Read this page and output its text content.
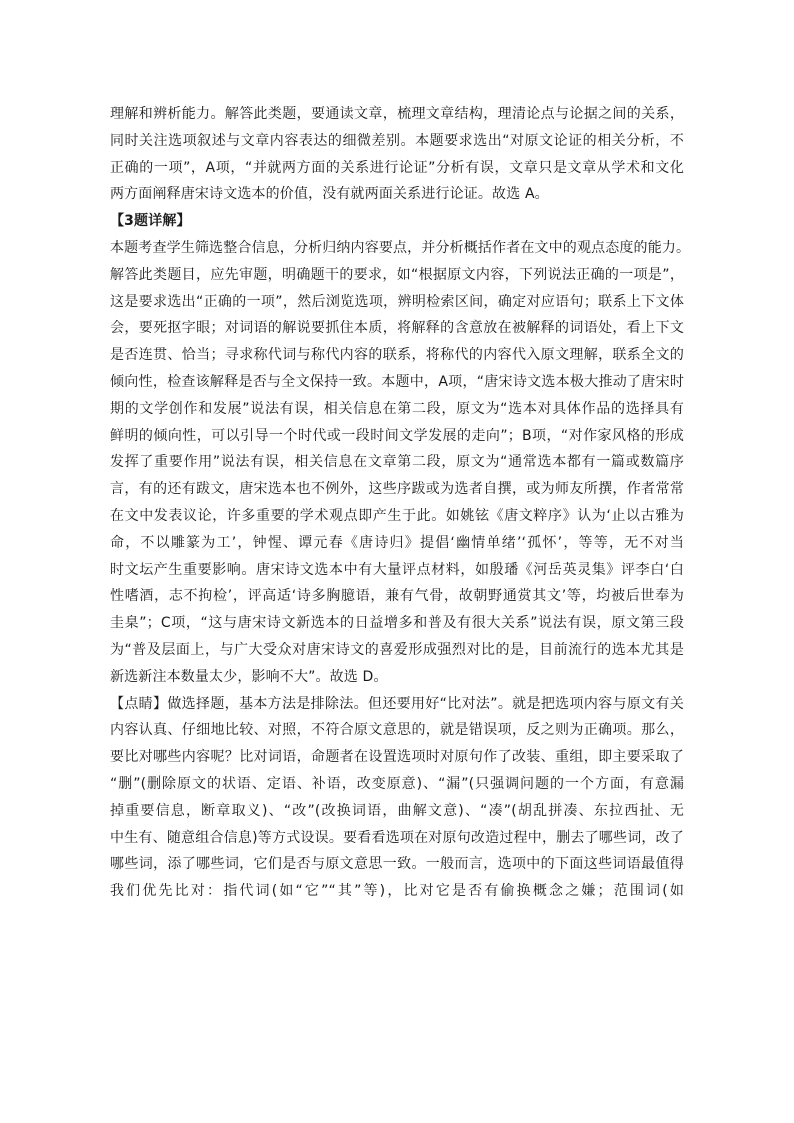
理解和辨析能力。解答此类题，要通读文章，梳理文章结构，理清论点与论据之间的关系，
同时关注选项叙述与文章内容表达的细微差别。本题要求选出“对原文论证的相关分析，不
正确的一项”，A项，“并就两方面的关系进行论证”分析有误，文章只是文章从学术和文化
两方面阐释唐宋诗文选本的价值，没有就两面关系进行论证。故选 A。
【3题详解】
本题考查学生筛选整合信息，分析归纳内容要点，并分析概括作者在文中的观点态度的能力。
解答此类题目，应先审题，明确题干的要求，如“根据原文内容，下列说法正确的一项是”，
这是要求选出“正确的一项”，然后浏览选项，辨明检索区间，确定对应语句；联系上下文体
会，要死抠字眼；对词语的解说要抓住本质，将解释的含意放在被解释的词语处，看上下文
是否连贯、恰当；寻求称代词与称代内容的联系，将称代的内容代入原文理解，联系全文的
倾向性，检查该解释是否与全文保持一致。本题中，A项，“唐宋诗文选本极大推动了唐宋时
期的文学创作和发展”说法有误，相关信息在第二段，原文为“选本对具体作品的选择具有
鲜明的倾向性，可以引导一个时代或一段时间文学发展的走向”；B项，“对作家风格的形成
发挥了重要作用”说法有误，相关信息在文章第二段，原文为“通常选本都有一篇或数篇序
言，有的还有跋文，唐宋选本也不例外，这些序跋或为选者自撰，或为师友所撰，作者常常
在文中发表议论，许多重要的学术观点即产生于此。如姚铉《唐文粹序》认为‘止以古雅为
命，不以雕篆为工’，钟惺、谭元春《唐诗归》提倡‘幽情单绪’‘孤怀’，等等，无不对当
时文坛产生重要影响。唐宋诗文选本中有大量评点材料，如殷璠《河岳英灵集》评李白‘白
性嗜酒，志不拘检’，评高适‘诗多胸臆语，兼有气骨，故朝野通赏其文’等，均被后世奉为
圭臬”；C项，“这与唐宋诗文新选本的日益增多和普及有很大关系”说法有误，原文第三段
为“普及层面上，与广大受众对唐宋诗文的喜爱形成强烈对比的是，目前流行的选本尤其是
新选新注本数量太少，影响不大”。故选 D。
【点睛】做选择题，基本方法是排除法。但还要用好“比对法”。就是把选项内容与原文有关
内容认真、仔细地比较、对照，不符合原文意思的，就是错误项，反之则为正确项。那么，
要比对哪些内容呢？比对词语，命题者在设置选项时对原句作了改装、重组，即主要采取了
“删”(删除原文的状语、定语、补语，改变原意)、“漏”(只强调问题的一个方面，有意漏
掉重要信息，断章取义)、“改”(改换词语，曲解文意)、“凑”(胡乱拼凑、东拉西扯、无
中生有、随意组合信息)等方式设误。要看看选项在对原句改造过程中，删去了哪些词，改了
哪些词，添了哪些词，它们是否与原文意思一致。一般而言，选项中的下面这些词语最值得
我们优先比对：指代词(如“它”“其”等)，比对它是否有偷换概念之嫌；范围词(如
